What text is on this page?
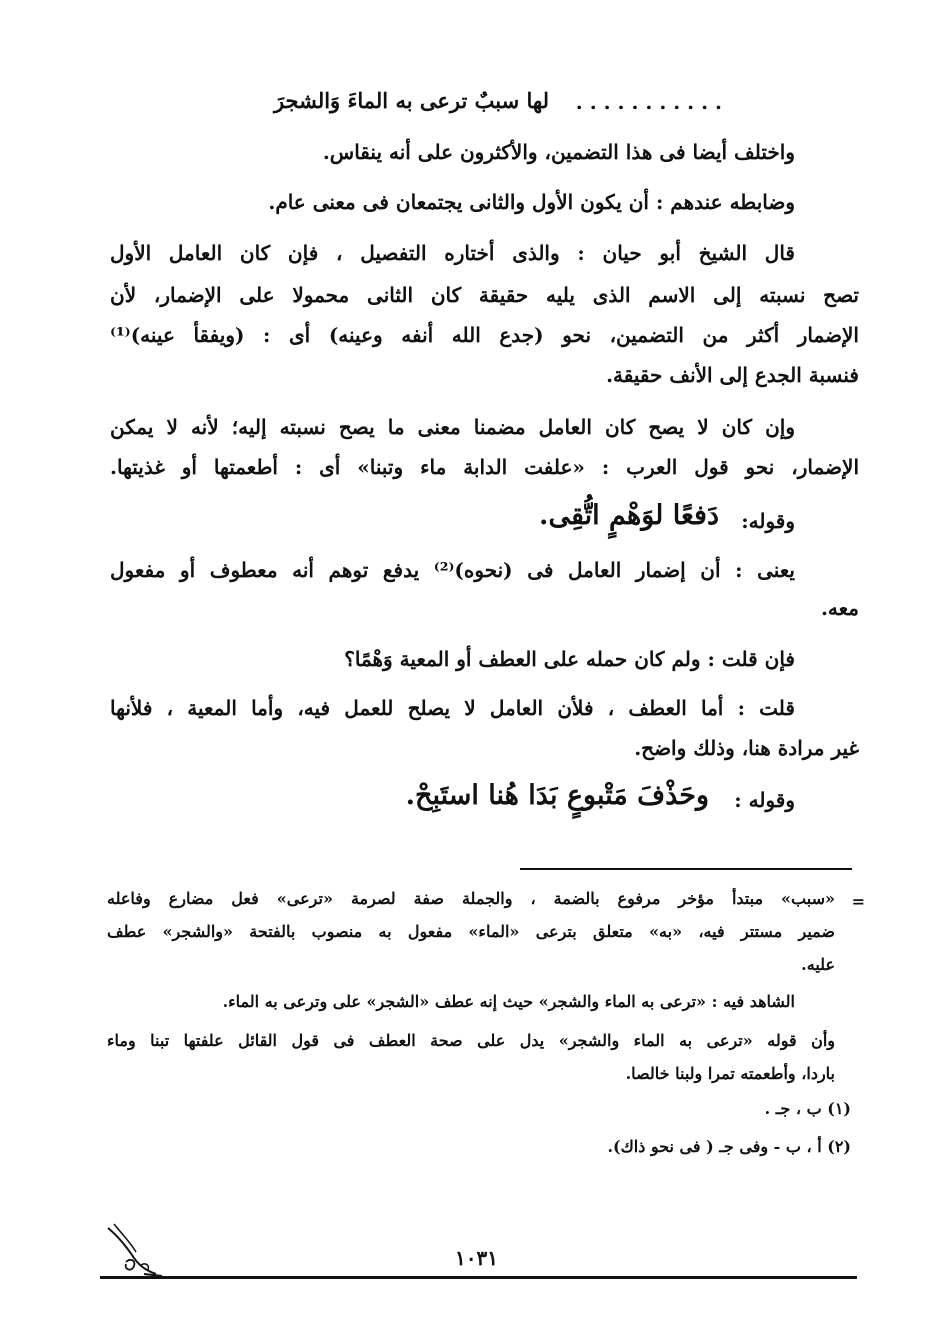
. . . . . . . . . . .
لها سببٌ ترعى به الماءَ وَالشجرَ
واختلف أيضا فى هذا التضمين، والأكثرون على أنه ينقاس.
وضابطه عندهم : أن يكون الأول والثانى يجتمعان فى معنى عام.
قال الشيخ أبو حيان : والذى أختاره التفصيل ، فإن كان العامل الأول
تصح نسبته إلى الاسم الذى يليه حقيقة كان الثانى محمولا على الإضمار، لأن
الإضمار أكثر من التضمين، نحو (جدع الله أنفه وعينه) أى : (ويفقأ عينه)⁽¹⁾
فنسبة الجدع إلى الأنف حقيقة.
وإن كان لا يصح كان العامل مضمنا معنى ما يصح نسبته إليه؛ لأنه لا يمكن
الإضمار، نحو قول العرب : «علفت الدابة ماء وتبنا» أى : أطعمتها أو غذيتها.
وقوله:
دَفعًا لوَهْمٍ اتُّقِى.
يعنى : أن إضمار العامل فى (نحوه)⁽²⁾ يدفع توهم أنه معطوف أو مفعول
معه.
فإن قلت : ولم كان حمله على العطف أو المعية وَهْمًا؟
قلت : أما العطف ، فلأن العامل لا يصلح للعمل فيه، وأما المعية ، فلأنها
غير مرادة هنا، وذلك واضح.
وقوله :
وحَذْفَ مَتْبوعٍ بَدَا هُنا استَبِحْ.
=
«سبب» مبتدأ مؤخر مرفوع بالضمة ، والجملة صفة لصرمة «ترعى» فعل مضارع وفاعله
ضمير مستتر فيه، «به» متعلق بترعى «الماء» مفعول به منصوب بالفتحة «والشجر» عطف
عليه.
الشاهد فيه : «ترعى به الماء والشجر» حيث إنه عطف «الشجر» على وترعى به الماء.
وأن قوله «ترعى به الماء والشجر» يدل على صحة العطف فى قول القائل علفتها تبنا وماء
باردا، وأطعمته تمرا ولبنا خالصا.
(١) ب ، جـ .
(٢) أ ، ب - وفى جـ ( فى نحو ذاك).
١٠٣١
